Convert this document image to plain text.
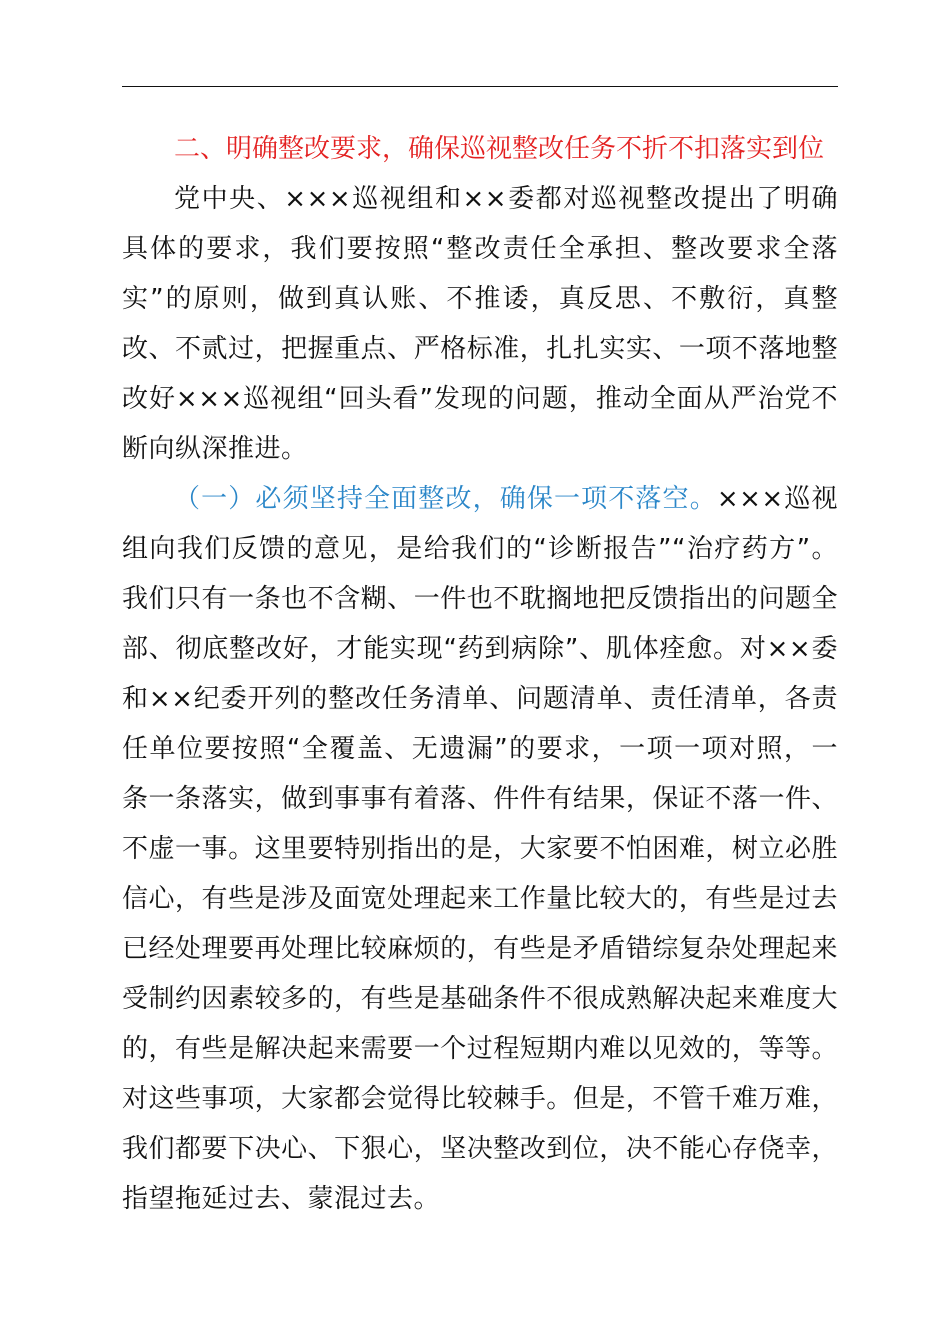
二、明确整改要求，确保巡视整改任务不折不扣落实到位

党中央、×××巡视组和××委都对巡视整改提出了明确具体的要求，我们要按照“整改责任全承担、整改要求全落实”的原则，做到真认账、不推诿，真反思、不敷衍，真整改、不贰过，把握重点、严格标准，扎扎实实、一项不落地整改好×××巡视组“回头看”发现的问题，推动全面从严治党不断向纵深推进。

（一）必须坚持全面整改，确保一项不落空。×××巡视组向我们反馈的意见，是给我们的“诊断报告”“治疗药方”。我们只有一条也不含糊、一件也不耽搁地把反馈指出的问题全部、彻底整改好，才能实现“药到病除”、肌体痊愈。对××委和××纪委开列的整改任务清单、问题清单、责任清单，各责任单位要按照“全覆盖、无遗漏”的要求，一项一项对照，一条一条落实，做到事事有着落、件件有结果，保证不落一件、不虚一事。这里要特别指出的是，大家要不怕困难，树立必胜信心，有些是涉及面宽处理起来工作量比较大的，有些是过去已经处理要再处理比较麻烦的，有些是矛盾错综复杂处理起来受制约因素较多的，有些是基础条件不很成熟解决起来难度大的，有些是解决起来需要一个过程短期内难以见效的，等等。对这些事项，大家都会觉得比较棘手。但是，不管千难万难，我们都要下决心、下狠心，坚决整改到位，决不能心存侥幸，指望拖延过去、蒙混过去。
